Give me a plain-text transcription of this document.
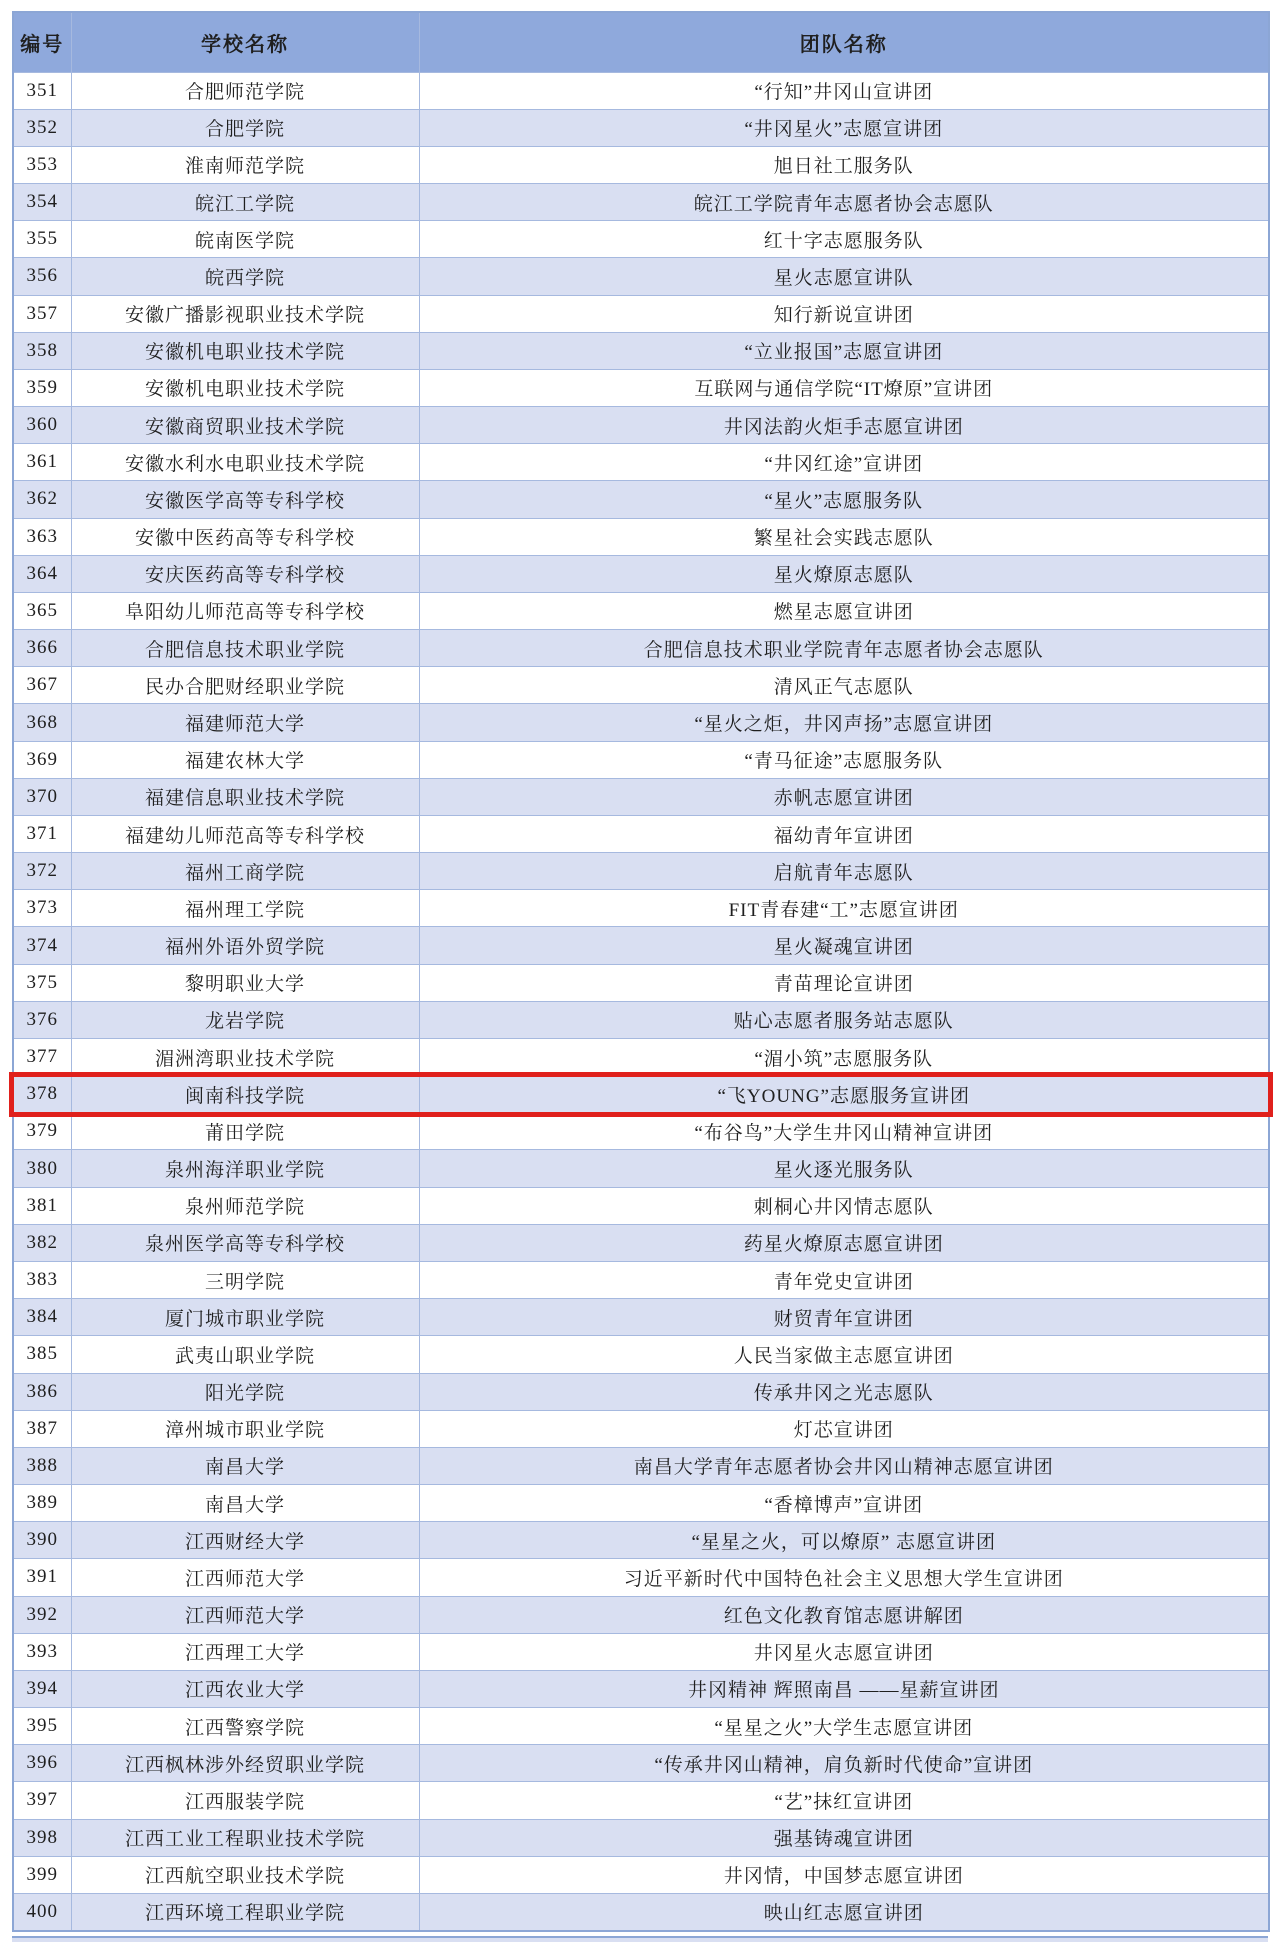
编号	学校名称	团队名称
351	合肥师范学院	“行知”井冈山宣讲团
352	合肥学院	“井冈星火”志愿宣讲团
353	淮南师范学院	旭日社工服务队
354	皖江工学院	皖江工学院青年志愿者协会志愿队
355	皖南医学院	红十字志愿服务队
356	皖西学院	星火志愿宣讲队
357	安徽广播影视职业技术学院	知行新说宣讲团
358	安徽机电职业技术学院	“立业报国”志愿宣讲团
359	安徽机电职业技术学院	互联网与通信学院“IT燎原”宣讲团
360	安徽商贸职业技术学院	井冈法韵火炬手志愿宣讲团
361	安徽水利水电职业技术学院	“井冈红途”宣讲团
362	安徽医学高等专科学校	“星火”志愿服务队
363	安徽中医药高等专科学校	繁星社会实践志愿队
364	安庆医药高等专科学校	星火燎原志愿队
365	阜阳幼儿师范高等专科学校	燃星志愿宣讲团
366	合肥信息技术职业学院	合肥信息技术职业学院青年志愿者协会志愿队
367	民办合肥财经职业学院	清风正气志愿队
368	福建师范大学	“星火之炬，井冈声扬”志愿宣讲团
369	福建农林大学	“青马征途”志愿服务队
370	福建信息职业技术学院	赤帆志愿宣讲团
371	福建幼儿师范高等专科学校	福幼青年宣讲团
372	福州工商学院	启航青年志愿队
373	福州理工学院	FIT青春建“工”志愿宣讲团
374	福州外语外贸学院	星火凝魂宣讲团
375	黎明职业大学	青苗理论宣讲团
376	龙岩学院	贴心志愿者服务站志愿队
377	湄洲湾职业技术学院	“湄小筑”志愿服务队
378	闽南科技学院	“飞YOUNG”志愿服务宣讲团
379	莆田学院	“布谷鸟”大学生井冈山精神宣讲团
380	泉州海洋职业学院	星火逐光服务队
381	泉州师范学院	刺桐心井冈情志愿队
382	泉州医学高等专科学校	药星火燎原志愿宣讲团
383	三明学院	青年党史宣讲团
384	厦门城市职业学院	财贸青年宣讲团
385	武夷山职业学院	人民当家做主志愿宣讲团
386	阳光学院	传承井冈之光志愿队
387	漳州城市职业学院	灯芯宣讲团
388	南昌大学	南昌大学青年志愿者协会井冈山精神志愿宣讲团
389	南昌大学	“香樟博声”宣讲团
390	江西财经大学	“星星之火，可以燎原” 志愿宣讲团
391	江西师范大学	习近平新时代中国特色社会主义思想大学生宣讲团
392	江西师范大学	红色文化教育馆志愿讲解团
393	江西理工大学	井冈星火志愿宣讲团
394	江西农业大学	井冈精神 辉照南昌 ——星薪宣讲团
395	江西警察学院	“星星之火”大学生志愿宣讲团
396	江西枫林涉外经贸职业学院	“传承井冈山精神，肩负新时代使命”宣讲团
397	江西服装学院	“艺”抹红宣讲团
398	江西工业工程职业技术学院	强基铸魂宣讲团
399	江西航空职业技术学院	井冈情，中国梦志愿宣讲团
400	江西环境工程职业学院	映山红志愿宣讲团
